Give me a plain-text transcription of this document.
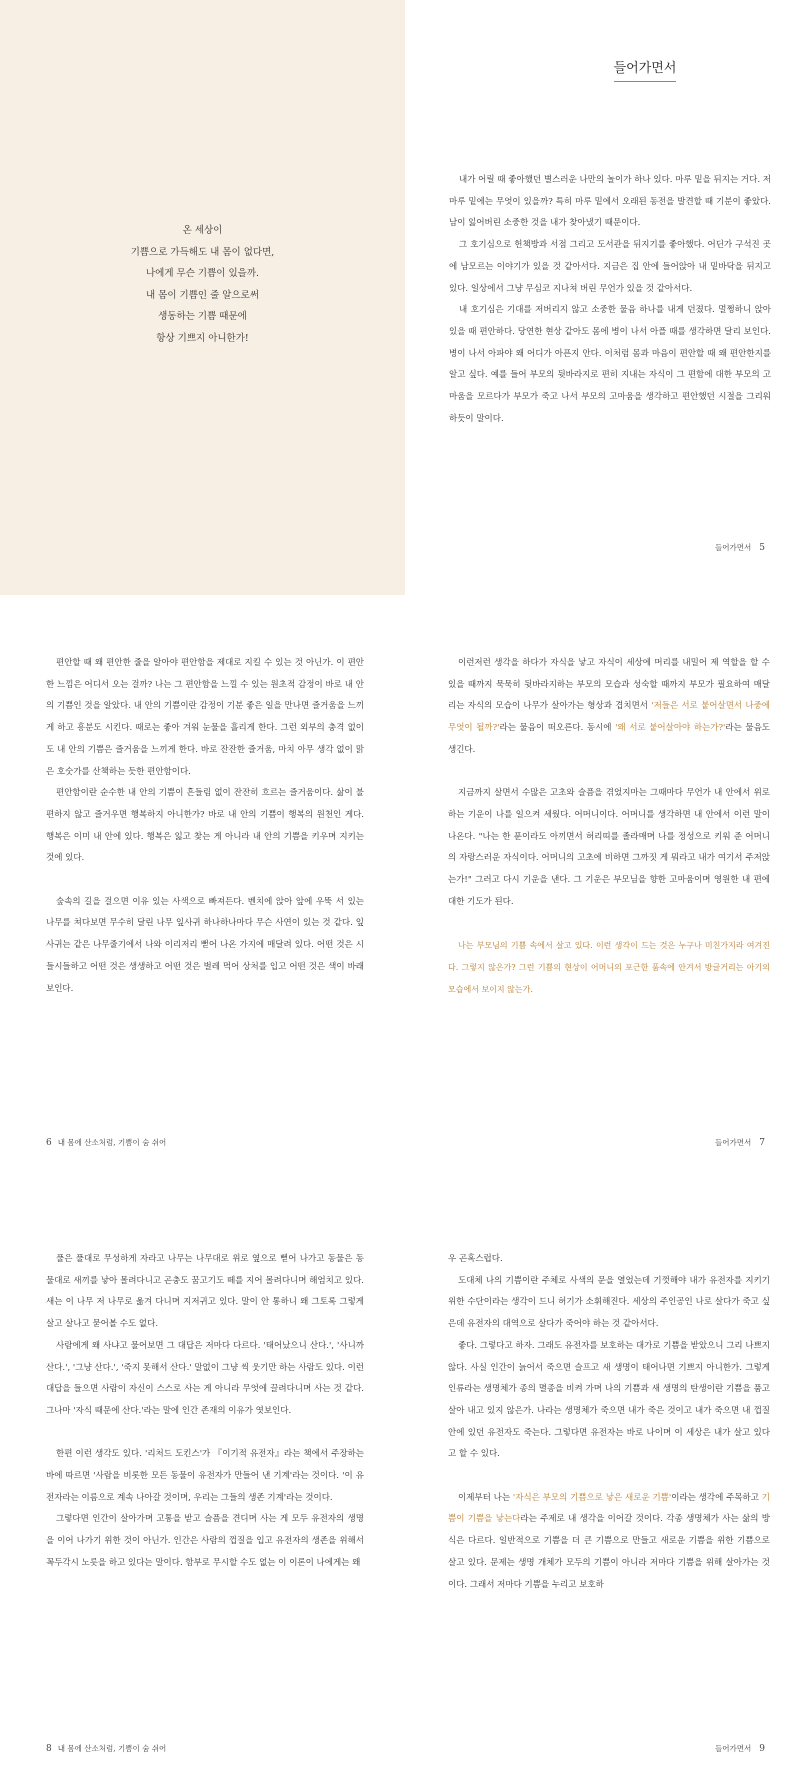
온 세상이
기쁨으로 가득해도 내 몸이 없다면,
나에게 무슨 기쁨이 있을까.
내 몸이 기쁨인 줄 알으로써
생동하는 기쁨 때문에
항상 기쁘지 아니한가!
들어가면서

내가 어릴 때 좋아했던 별스러운 나만의 놀이가 하나 있다. 마루 밑을 뒤지는 거다. 저 마루 밑에는 무엇이 있을까? 특히 마루 밑에서 오래된 동전을 발견할 때 기분이 좋았다. 남이 잃어버린 소중한 것을 내가 찾아냈기 때문이다.

그 호기심으로 헌책방과 서점 그리고 도서관을 뒤지기를 좋아했다. 어딘가 구석진 곳에 남모르는 이야기가 있을 것 같아서다. 지금은 집 안에 들어앉아 내 밑바닥을 뒤지고 있다. 일상에서 그냥 무심코 지나쳐 버린 무언가 있을 것 같아서다.

내 호기심은 기대를 저버리지 않고 소중한 물음 하나를 내게 던졌다. 멀쩡하니 앉아 있을 때 편안하다. 당연한 현상 같아도 몸에 병이 나서 아플 때를 생각하면 달리 보인다. 병이 나서 아파야 왜 어디가 아픈지 안다. 이처럼 몸과 마음이 편안할 때 왜 편안한지를 알고 싶다. 예를 들어 부모의 뒷바라지로 편히 지내는 자식이 그 편함에 대한 부모의 고마움을 모르다가 부모가 죽고 나서 부모의 고마움을 생각하고 편안했던 시절을 그리워하듯이 말이다.

들어가면서 5

편안할 때 왜 편안한 줄을 알아야 편안함을 제대로 지킬 수 있는 것 아닌가. 이 편안한 느낌은 어디서 오는 걸까? 나는 그 편안함을 느낄 수 있는 원초적 감정이 바로 내 안의 기쁨인 것을 알았다. 내 안의 기쁨이란 감정이 기분 좋은 일을 만나면 즐거움을 느끼게 하고 흥분도 시킨다. 때로는 좋아 겨워 눈물을 흘리게 한다. 그런 외부의 충격 없이도 내 안의 기쁨은 즐거움을 느끼게 한다. 바로 잔잔한 즐거움, 마치 아무 생각 없이 맑은 호숫가를 산책하는 듯한 편안함이다.

편안함이란 순수한 내 안의 기쁨이 흔들림 없이 잔잔히 흐르는 즐거움이다. 삶이 불편하지 않고 즐거우면 행복하지 아니한가? 바로 내 안의 기쁨이 행복의 원천인 게다. 행복은 이미 내 안에 있다. 행복은 잃고 찾는 게 아니라 내 안의 기쁨을 키우며 지키는 것에 있다.

숲속의 길을 걸으면 이유 있는 사색으로 빠져든다. 벤치에 앉아 앞에 우뚝 서 있는 나무를 쳐다보면 무수히 달린 나무 잎사귀 하나하나마다 무슨 사연이 있는 것 같다. 잎사귀는 같은 나무줄기에서 나와 이리저리 뻗어 나온 가지에 매달려 있다. 어떤 것은 시들시들하고 어떤 것은 생생하고 어떤 것은 벌레 먹어 상처를 입고 어떤 것은 색이 바래 보인다.

6 내 몸에 산소처럼, 기쁨이 숨 쉬어

이런저런 생각을 하다가 자식을 낳고 자식이 세상에 머리를 내밀어 제 역할을 할 수 있을 때까지 묵묵히 뒷바라지하는 부모의 모습과 성숙할 때까지 부모가 필요하여 매달리는 자식의 모습이 나무가 살아가는 형상과 겹치면서 '저들은 서로 붙어살면서 나중에 무엇이 될까?'라는 물음이 떠오른다. 동시에 '왜 서로 붙어살아야 하는가?'라는 물음도 생긴다.

지금까지 살면서 수많은 고초와 슬픔을 겪었지마는 그때마다 무언가 내 안에서 위로하는 기운이 나를 일으켜 세웠다. 어머니이다. 어머니를 생각하면 내 안에서 이런 말이 나온다. "나는 한 푼이라도 아끼면서 허리띠를 졸라매며 나를 정성으로 키워 준 어머니의 자랑스러운 자식이다. 어머니의 고초에 비하면 그까짓 게 뭐라고 내가 여기서 주저앉는가!" 그러고 다시 기운을 낸다. 그 기운은 부모님을 향한 고마움이며 영원한 내 편에 대한 기도가 된다.

나는 부모님의 기쁨 속에서 살고 있다. 이런 생각이 드는 것은 누구나 미친가지라 여겨진다. 그렇지 않은가? 그런 기쁨의 현상이 어머니의 포근한 품속에 안겨서 방글거리는 아기의 모습에서 보이지 않는가.

들어가면서 7

풀은 풀대로 무성하게 자라고 나무는 나무대로 위로 옆으로 뻗어 나가고 동물은 동물대로 새끼를 낳아 몰려다니고 곤충도 꿈고기도 떼를 지어 몰려다니며 해엄치고 있다. 새는 이 나무 저 나무로 옮겨 다니며 지저귀고 있다. 말이 안 통하니 왜 그토록 그렇게 살고 살나고 묻어볼 수도 없다.

사람에게 왜 사냐고 물어보면 그 대답은 저마다 다르다. '태어났으니 산다.', '사니까 산다.', '그냥 산다.', '죽지 못해서 산다.' 말없이 그냥 씩 웃기만 하는 사람도 있다. 이런 대답을 들으면 사람이 자신이 스스로 사는 게 아니라 무엇에 끌려다니며 사는 것 같다. 그나마 '자식 때문에 산다.'라는 말에 인간 존재의 이유가 엿보인다.

한편 이런 생각도 있다. '리처드 도킨스'가 『이기적 유전자』라는 책에서 주장하는 바에 따르면 '사람을 비롯한 모든 동물이 유전자가 만들어 낸 기계'라는 것이다. '이 유전자라는 이름으로 계속 나아갈 것이며, 우리는 그들의 생존 기계'라는 것이다.

그렇다면 인간이 살아가며 고통을 받고 슬픔을 견디며 사는 게 모두 유전자의 생명을 이어 나가기 위한 것이 아닌가. 인간은 사람의 껍질을 입고 유전자의 생존을 위해서 꼭두각시 노릇을 하고 있다는 말이다. 함부로 무시할 수도 없는 이 이론이 나에게는 왜

8 내 몸에 산소처럼, 기쁨이 숨 쉬어

우 곤혹스럽다.

도대체 나의 기쁨이란 주체로 사색의 문을 열었는데 기껏해야 내가 유전자를 지키기 위한 수단이라는 생각이 드니 허기가 소휘해진다. 세상의 주인공인 나로 살다가 죽고 싶은데 유전자의 대역으로 살다가 죽어야 하는 것 같아서다.

좋다. 그렇다고 하자. 그래도 유전자를 보호하는 대가로 기쁨을 받았으니 그리 나쁘지 않다. 사실 인간이 늙어서 죽으면 슬프고 새 생명이 태어나면 기쁘지 아니한가. 그렇게 인류라는 생명체가 종의 멸종을 비켜 가며 나의 기쁨과 새 생명의 탄생이란 기쁨을 품고 살아 내고 있지 않은가. 나라는 생명체가 죽으면 내가 죽은 것이고 내가 죽으면 내 껍질 안에 있던 유전자도 죽는다. 그렇다면 유전자는 바로 나이며 이 세상은 내가 살고 있다고 할 수 있다.

이제부터 나는 '자식은 부모의 기쁨으로 낳은 새로운 기쁨'이라는 생각에 주목하고 기쁨이 기쁨을 낳는다라는 주제로 내 생각을 이어갈 것이다. 각종 생명체가 사는 삶의 방식은 다르다. 일반적으로 기쁨을 더 큰 기쁨으로 만들고 새로운 기쁨을 위한 기쁨으로 살고 있다. 문제는 생명 개체가 모두의 기쁨이 아니라 저마다 기쁨을 위해 살아가는 것이다. 그래서 저마다 기쁨을 누리고 보호하

들어가면서 9
